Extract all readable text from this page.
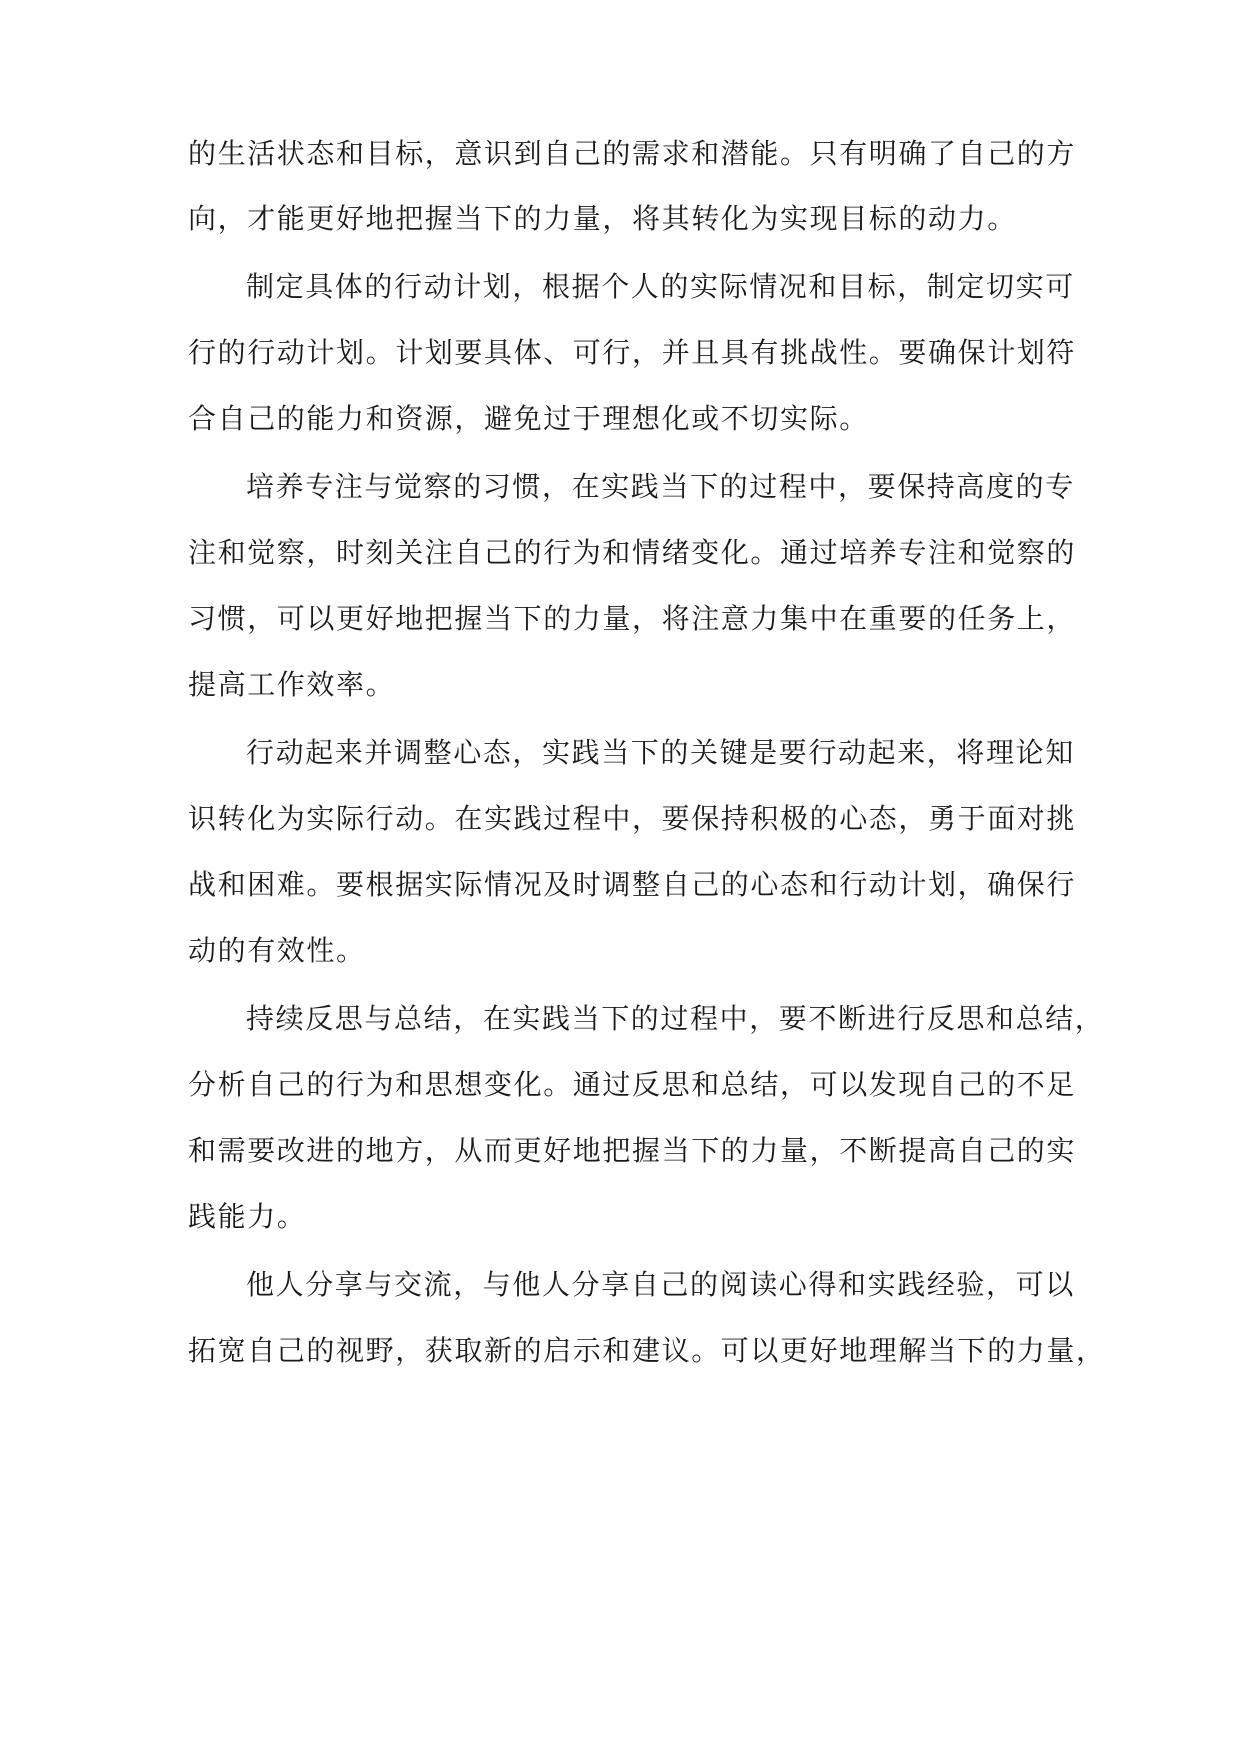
的生活状态和目标，意识到自己的需求和潜能。只有明确了自己的方

向，才能更好地把握当下的力量，将其转化为实现目标的动力。

制定具体的行动计划，根据个人的实际情况和目标，制定切实可

行的行动计划。计划要具体、可行，并且具有挑战性。要确保计划符

合自己的能力和资源，避免过于理想化或不切实际。

培养专注与觉察的习惯，在实践当下的过程中，要保持高度的专

注和觉察，时刻关注自己的行为和情绪变化。通过培养专注和觉察的

习惯，可以更好地把握当下的力量，将注意力集中在重要的任务上，

提高工作效率。

行动起来并调整心态，实践当下的关键是要行动起来，将理论知

识转化为实际行动。在实践过程中，要保持积极的心态，勇于面对挑

战和困难。要根据实际情况及时调整自己的心态和行动计划，确保行

动的有效性。

持续反思与总结，在实践当下的过程中，要不断进行反思和总结，

分析自己的行为和思想变化。通过反思和总结，可以发现自己的不足

和需要改进的地方，从而更好地把握当下的力量，不断提高自己的实

践能力。

他人分享与交流，与他人分享自己的阅读心得和实践经验，可以

拓宽自己的视野，获取新的启示和建议。可以更好地理解当下的力量，
